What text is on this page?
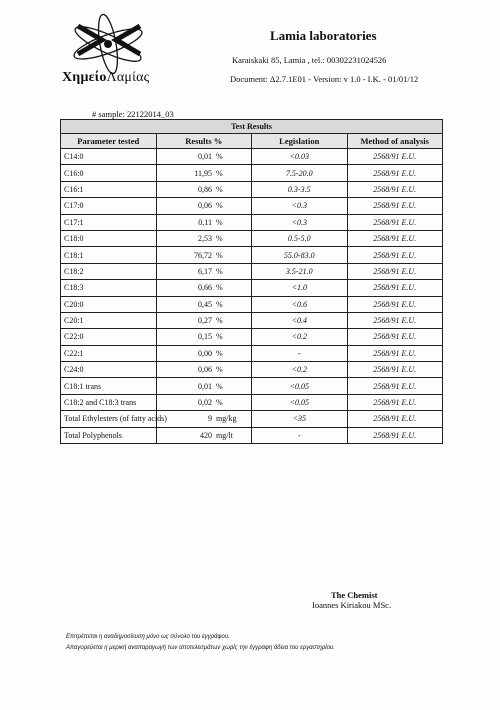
ΧημείοΛαμίας
Lamia laboratories
Karaiskaki 85, Lamia , tel.: 00302231024526
Document: Δ2.7.1Ε01 - Version: v 1.0 - I.K. - 01/01/12
# sample: 22122014_03
Test Results			
Parameter tested	Results %	Legislation	Method of analysis
C14:0	0,01 %	<0.03	2568/91 E.U.
C16:0	11,95 %	7.5-20.0	2568/91 E.U.
C16:1	0,86 %	0.3-3.5	2568/91 E.U.
C17:0	0,06 %	<0.3	2568/91 E.U.
C17:1	0,11 %	<0.3	2568/91 E.U.
C18:0	2,53 %	0.5-5.0	2568/91 E.U.
C18:1	76,72 %	55.0-83.0	2568/91 E.U.
C18:2	6,17 %	3.5-21.0	2568/91 E.U.
C18:3	0,66 %	<1.0	2568/91 E.U.
C20:0	0,45 %	<0.6	2568/91 E.U.
C20:1	0,27 %	<0.4	2568/91 E.U.
C22:0	0,15 %	<0.2	2568/91 E.U.
C22:1	0,00 %	-	2568/91 E.U.
C24:0	0,06 %	<0.2	2568/91 E.U.
C18:1 trans	0,01 %	<0.05	2568/91 E.U.
C18:2 and C18:3 trans	0,02 %	<0.05	2568/91 E.U.
Total Ethylesters (of fatty acids)	9 mg/kg	<35	2568/91 E.U.
Total Polyphenols	420 mg/lt	-	2568/91 E.U.
The Chemist
Ioannes Kiriakou MSc.
Επιτρέπεται η αναδημοσίευση μόνο ως σύνολο του εγγράφου.
Απαγορεύεται η μερική αναπαραγωγή των αποτελεσμάτων χωρίς την έγγραφη άδεια του εργαστηρίου.
